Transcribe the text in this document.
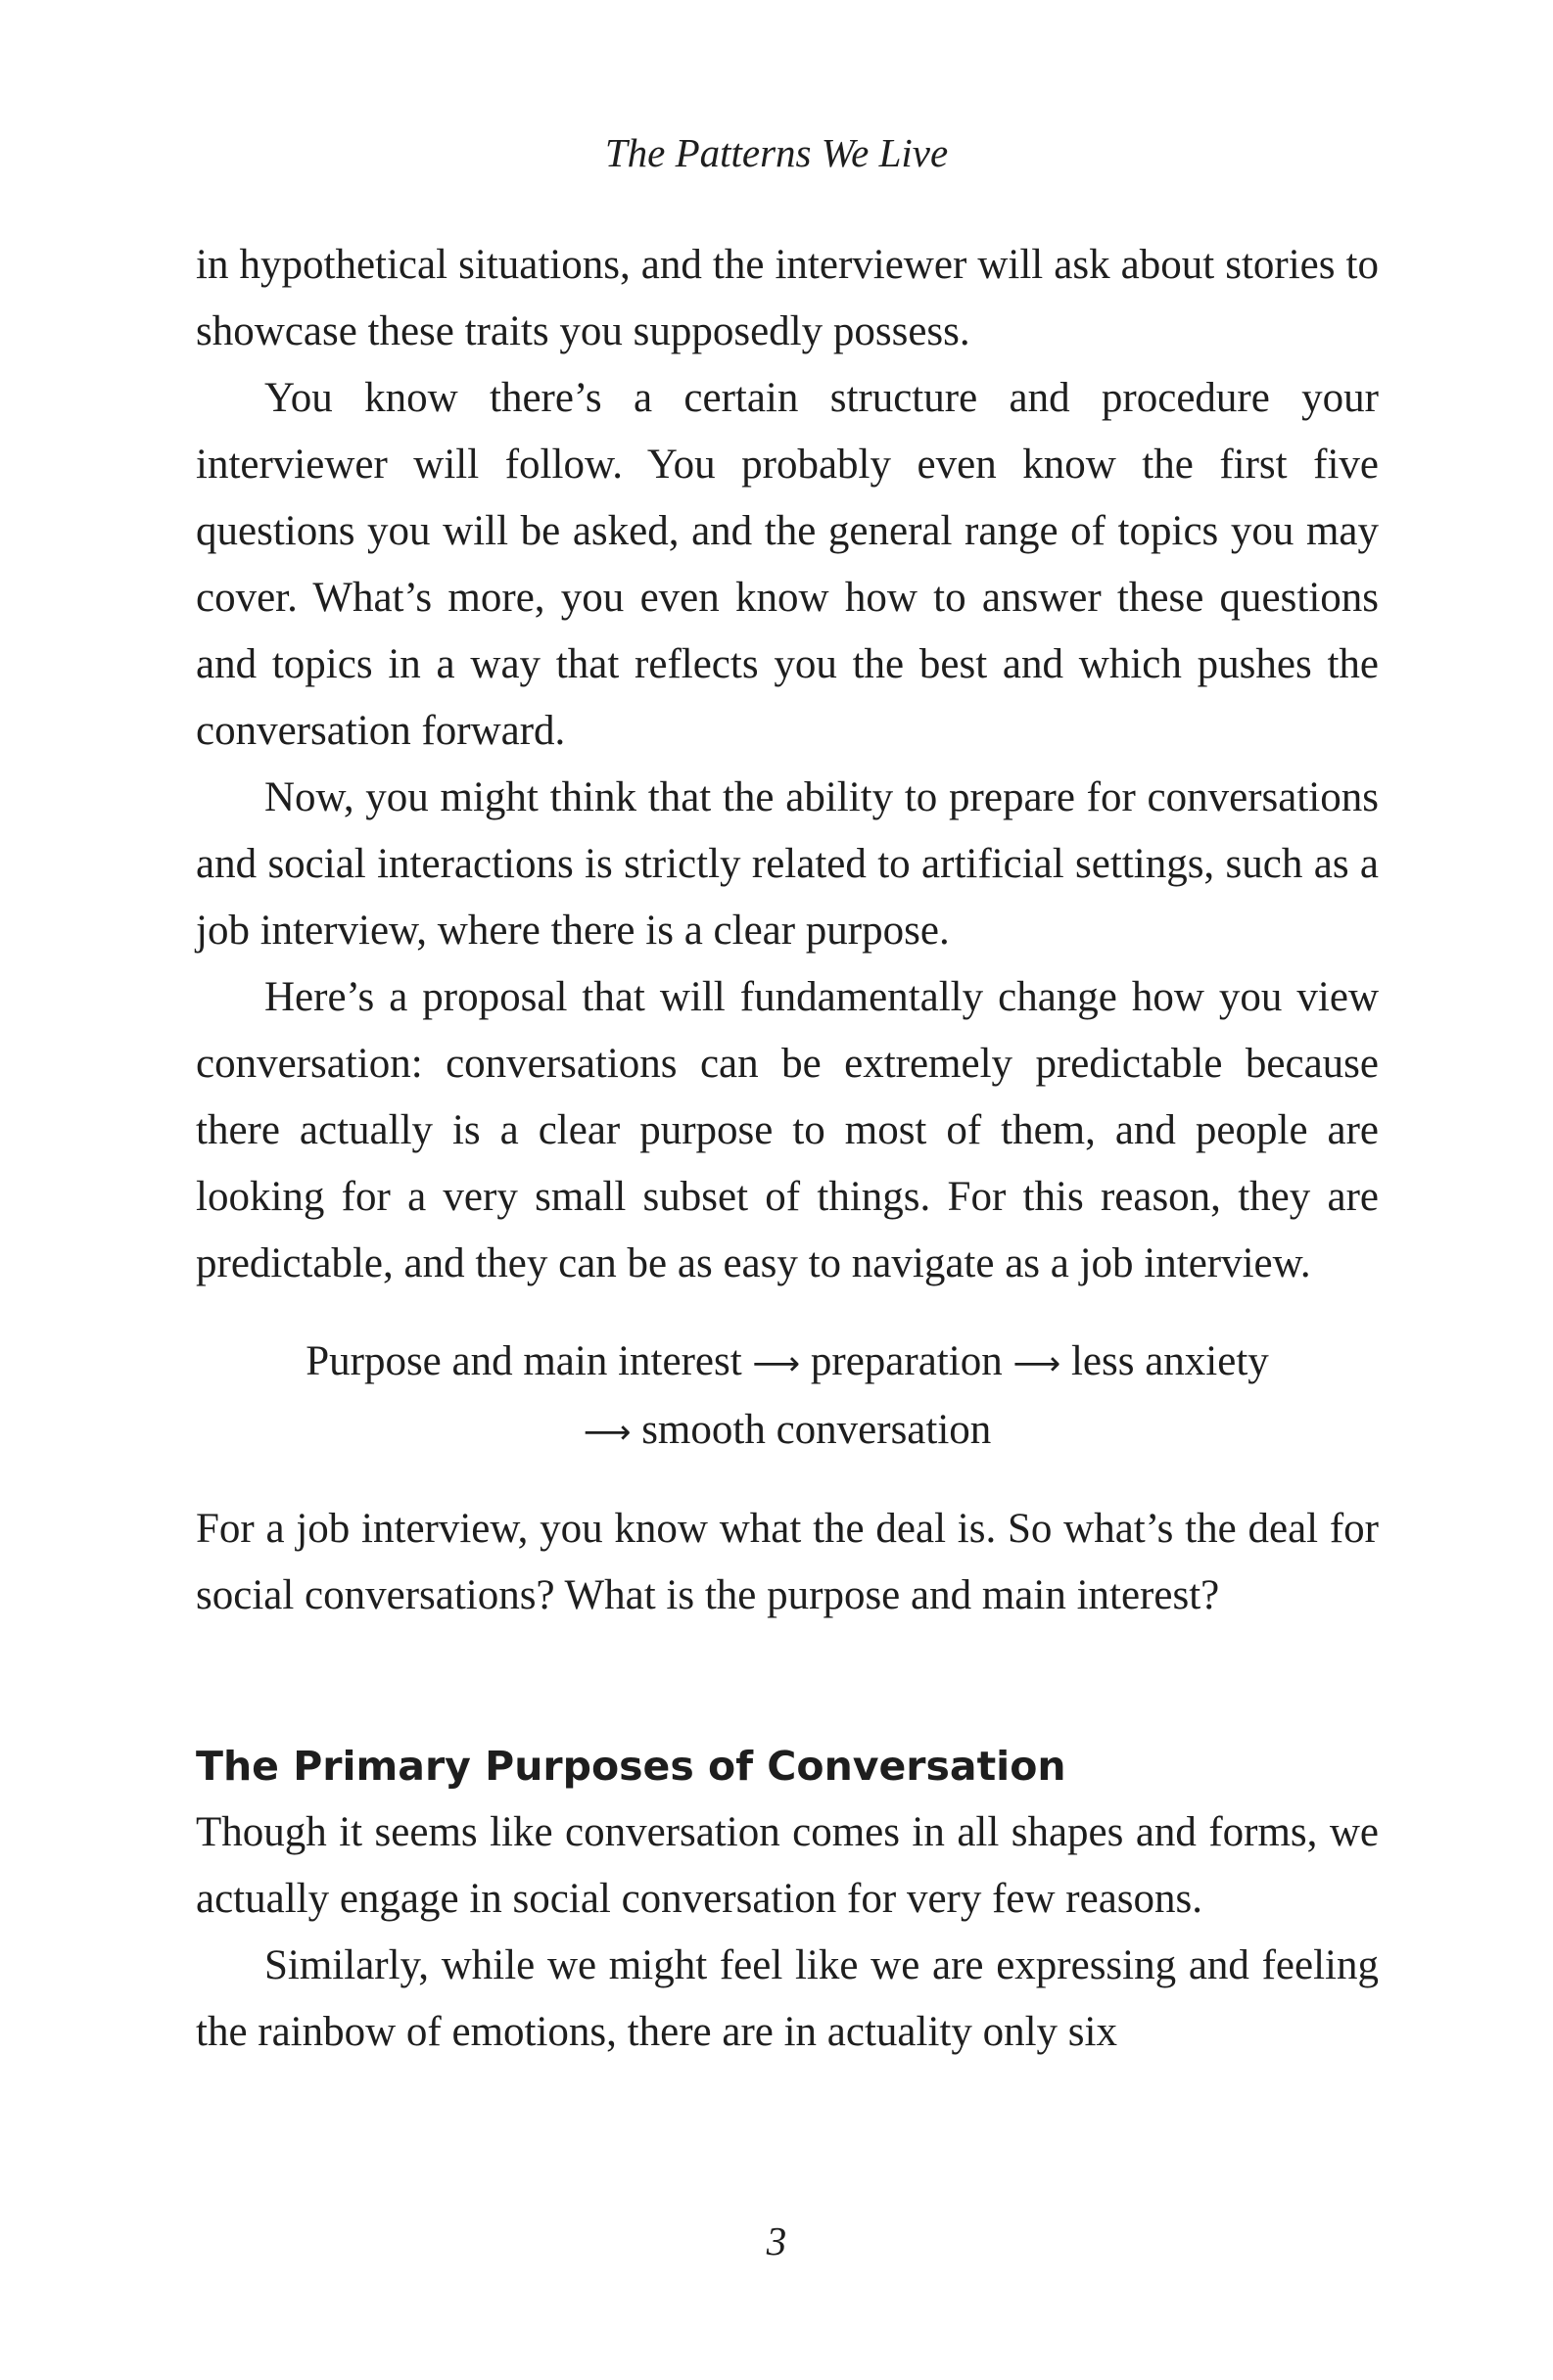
The Patterns We Live

in hypothetical situations, and the interviewer will ask about stories to showcase these traits you supposedly possess.

You know there’s a certain structure and procedure your interviewer will follow. You probably even know the first five questions you will be asked, and the general range of topics you may cover. What’s more, you even know how to answer these questions and topics in a way that reflects you the best and which pushes the conversation forward.

Now, you might think that the ability to prepare for conversations and social interactions is strictly related to artificial settings, such as a job interview, where there is a clear purpose.

Here’s a proposal that will fundamentally change how you view conversation: conversations can be extremely predictable because there actually is a clear purpose to most of them, and people are looking for a very small subset of things. For this reason, they are predictable, and they can be as easy to navigate as a job interview.

Purpose and main interest ⟶ preparation ⟶ less anxiety
⟶ smooth conversation

For a job interview, you know what the deal is. So what’s the deal for social conversations? What is the purpose and main interest?

The Primary Purposes of Conversation

Though it seems like conversation comes in all shapes and forms, we actually engage in social conversation for very few reasons.

Similarly, while we might feel like we are expressing and feeling the rainbow of emotions, there are in actuality only six

3
